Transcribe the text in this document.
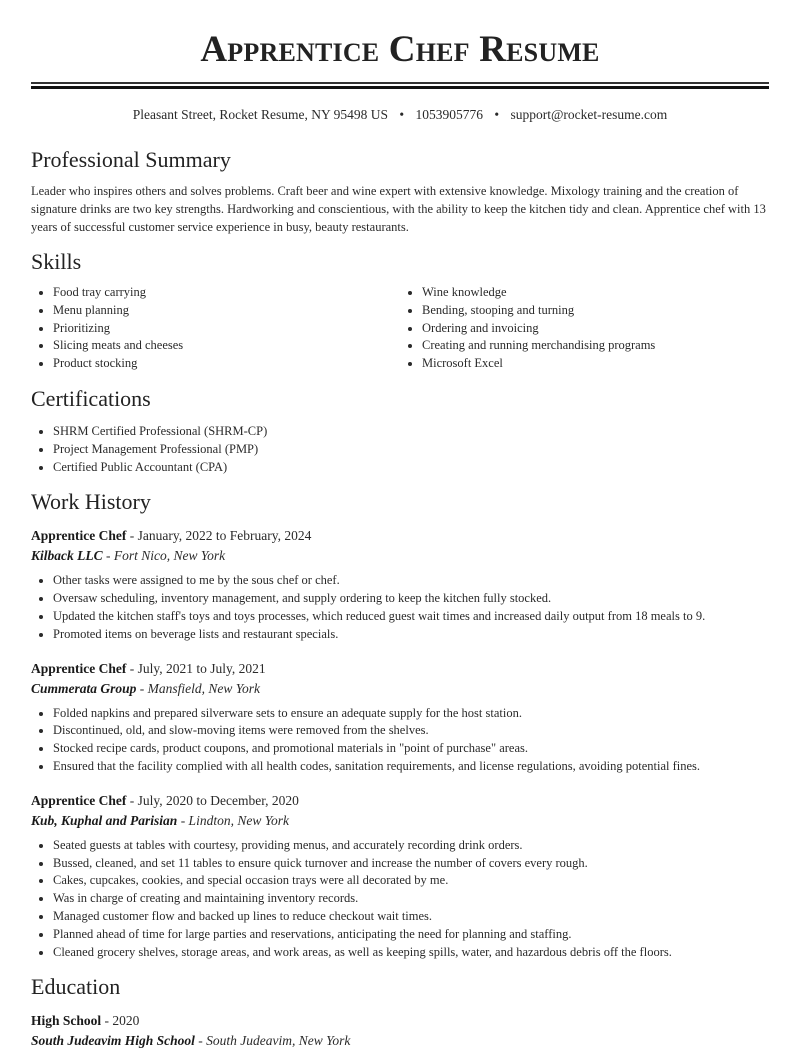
Apprentice Chef Resume
Pleasant Street, Rocket Resume, NY 95498 US • 1053905776 • support@rocket-resume.com
Professional Summary

Leader who inspires others and solves problems. Craft beer and wine expert with extensive knowledge. Mixology training and the creation of signature drinks are two key strengths. Hardworking and conscientious, with the ability to keep the kitchen tidy and clean. Apprentice chef with 13 years of successful customer service experience in busy, beauty restaurants.

Skills
• Food tray carrying
• Menu planning
• Prioritizing
• Slicing meats and cheeses
• Product stocking
• Wine knowledge
• Bending, stooping and turning
• Ordering and invoicing
• Creating and running merchandising programs
• Microsoft Excel
Certifications
• SHRM Certified Professional (SHRM-CP)
• Project Management Professional (PMP)
• Certified Public Accountant (CPA)
Work History
Apprentice Chef - January, 2022 to February, 2024
Kilback LLC - Fort Nico, New York
• Other tasks were assigned to me by the sous chef or chef.
• Oversaw scheduling, inventory management, and supply ordering to keep the kitchen fully stocked.
• Updated the kitchen staff's toys and toys processes, which reduced guest wait times and increased daily output from 18 meals to 9.
• Promoted items on beverage lists and restaurant specials.
Apprentice Chef - July, 2021 to July, 2021
Cummerata Group - Mansfield, New York
• Folded napkins and prepared silverware sets to ensure an adequate supply for the host station.
• Discontinued, old, and slow-moving items were removed from the shelves.
• Stocked recipe cards, product coupons, and promotional materials in "point of purchase" areas.
• Ensured that the facility complied with all health codes, sanitation requirements, and license regulations, avoiding potential fines.
Apprentice Chef - July, 2020 to December, 2020
Kub, Kuphal and Parisian - Lindton, New York
• Seated guests at tables with courtesy, providing menus, and accurately recording drink orders.
• Bussed, cleaned, and set 11 tables to ensure quick turnover and increase the number of covers every rough.
• Cakes, cupcakes, cookies, and special occasion trays were all decorated by me.
• Was in charge of creating and maintaining inventory records.
• Managed customer flow and backed up lines to reduce checkout wait times.
• Planned ahead of time for large parties and reservations, anticipating the need for planning and staffing.
• Cleaned grocery shelves, storage areas, and work areas, as well as keeping spills, water, and hazardous debris off the floors.
Education
High School - 2020
South Judeavim High School - South Judeavim, New York
